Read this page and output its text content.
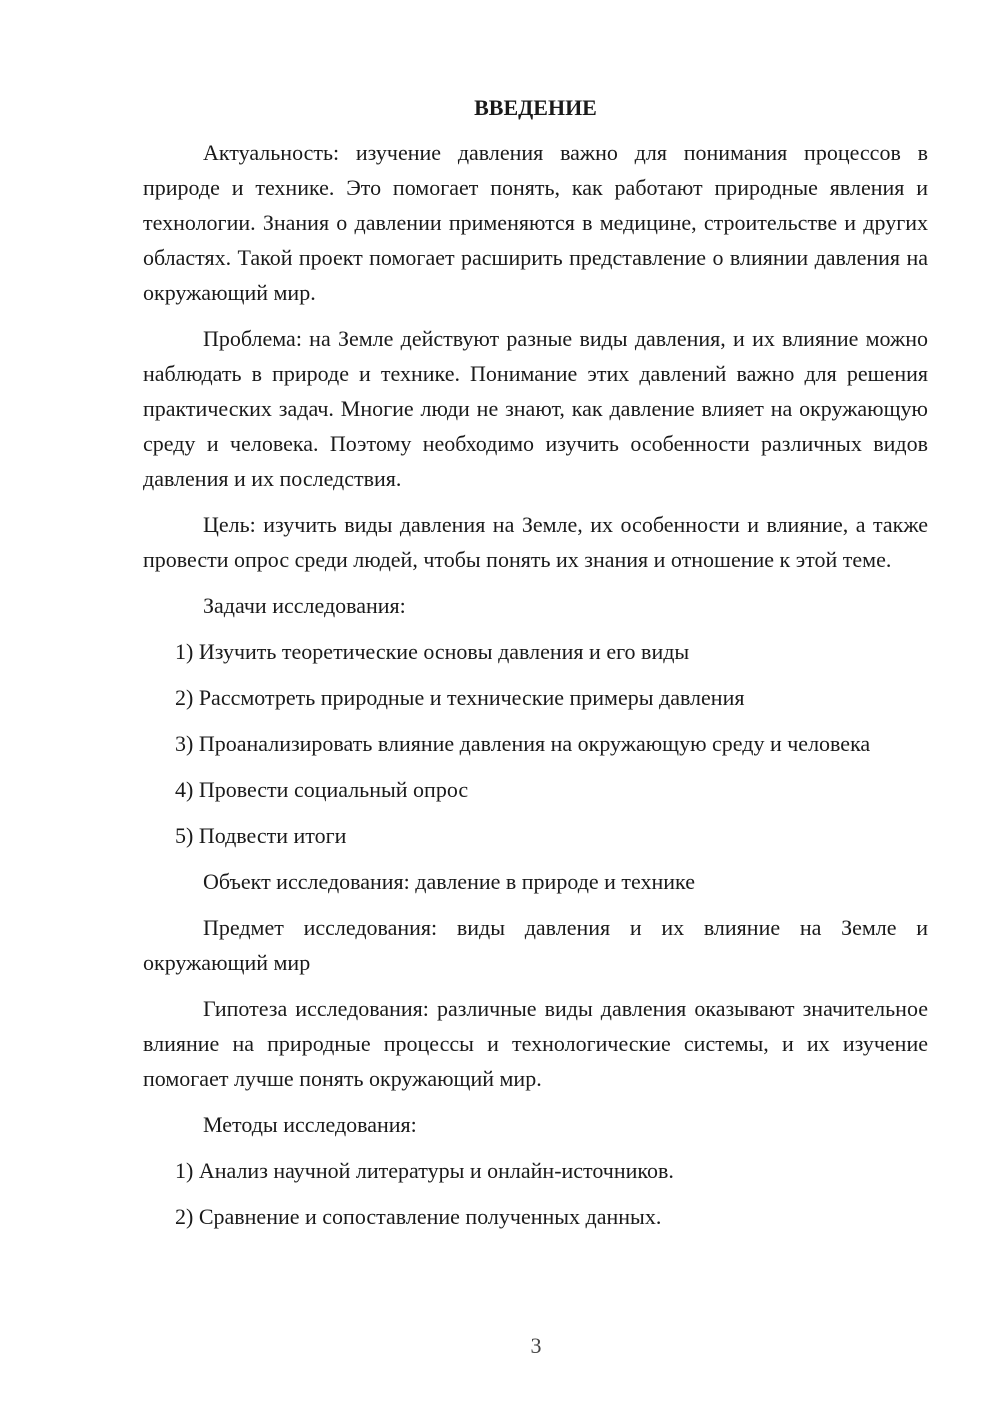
ВВЕДЕНИЕ

Актуальность: изучение давления важно для понимания процессов в природе и технике. Это помогает понять, как работают природные явления и технологии. Знания о давлении применяются в медицине, строительстве и других областях. Такой проект помогает расширить представление о влиянии давления на окружающий мир.

Проблема: на Земле действуют разные виды давления, и их влияние можно наблюдать в природе и технике. Понимание этих давлений важно для решения практических задач. Многие люди не знают, как давление влияет на окружающую среду и человека. Поэтому необходимо изучить особенности различных видов давления и их последствия.

Цель: изучить виды давления на Земле, их особенности и влияние, а также провести опрос среди людей, чтобы понять их знания и отношение к этой теме.

Задачи исследования:

1) Изучить теоретические основы давления и его виды

2) Рассмотреть природные и технические примеры давления

3) Проанализировать влияние давления на окружающую среду и человека

4) Провести социальный опрос

5) Подвести итоги

Объект исследования: давление в природе и технике

Предмет исследования: виды давления и их влияние на Земле и окружающий мир

Гипотеза исследования: различные виды давления оказывают значительное влияние на природные процессы и технологические системы, и их изучение помогает лучше понять окружающий мир.

Методы исследования:

1) Анализ научной литературы и онлайн-источников.

2) Сравнение и сопоставление полученных данных.

3
